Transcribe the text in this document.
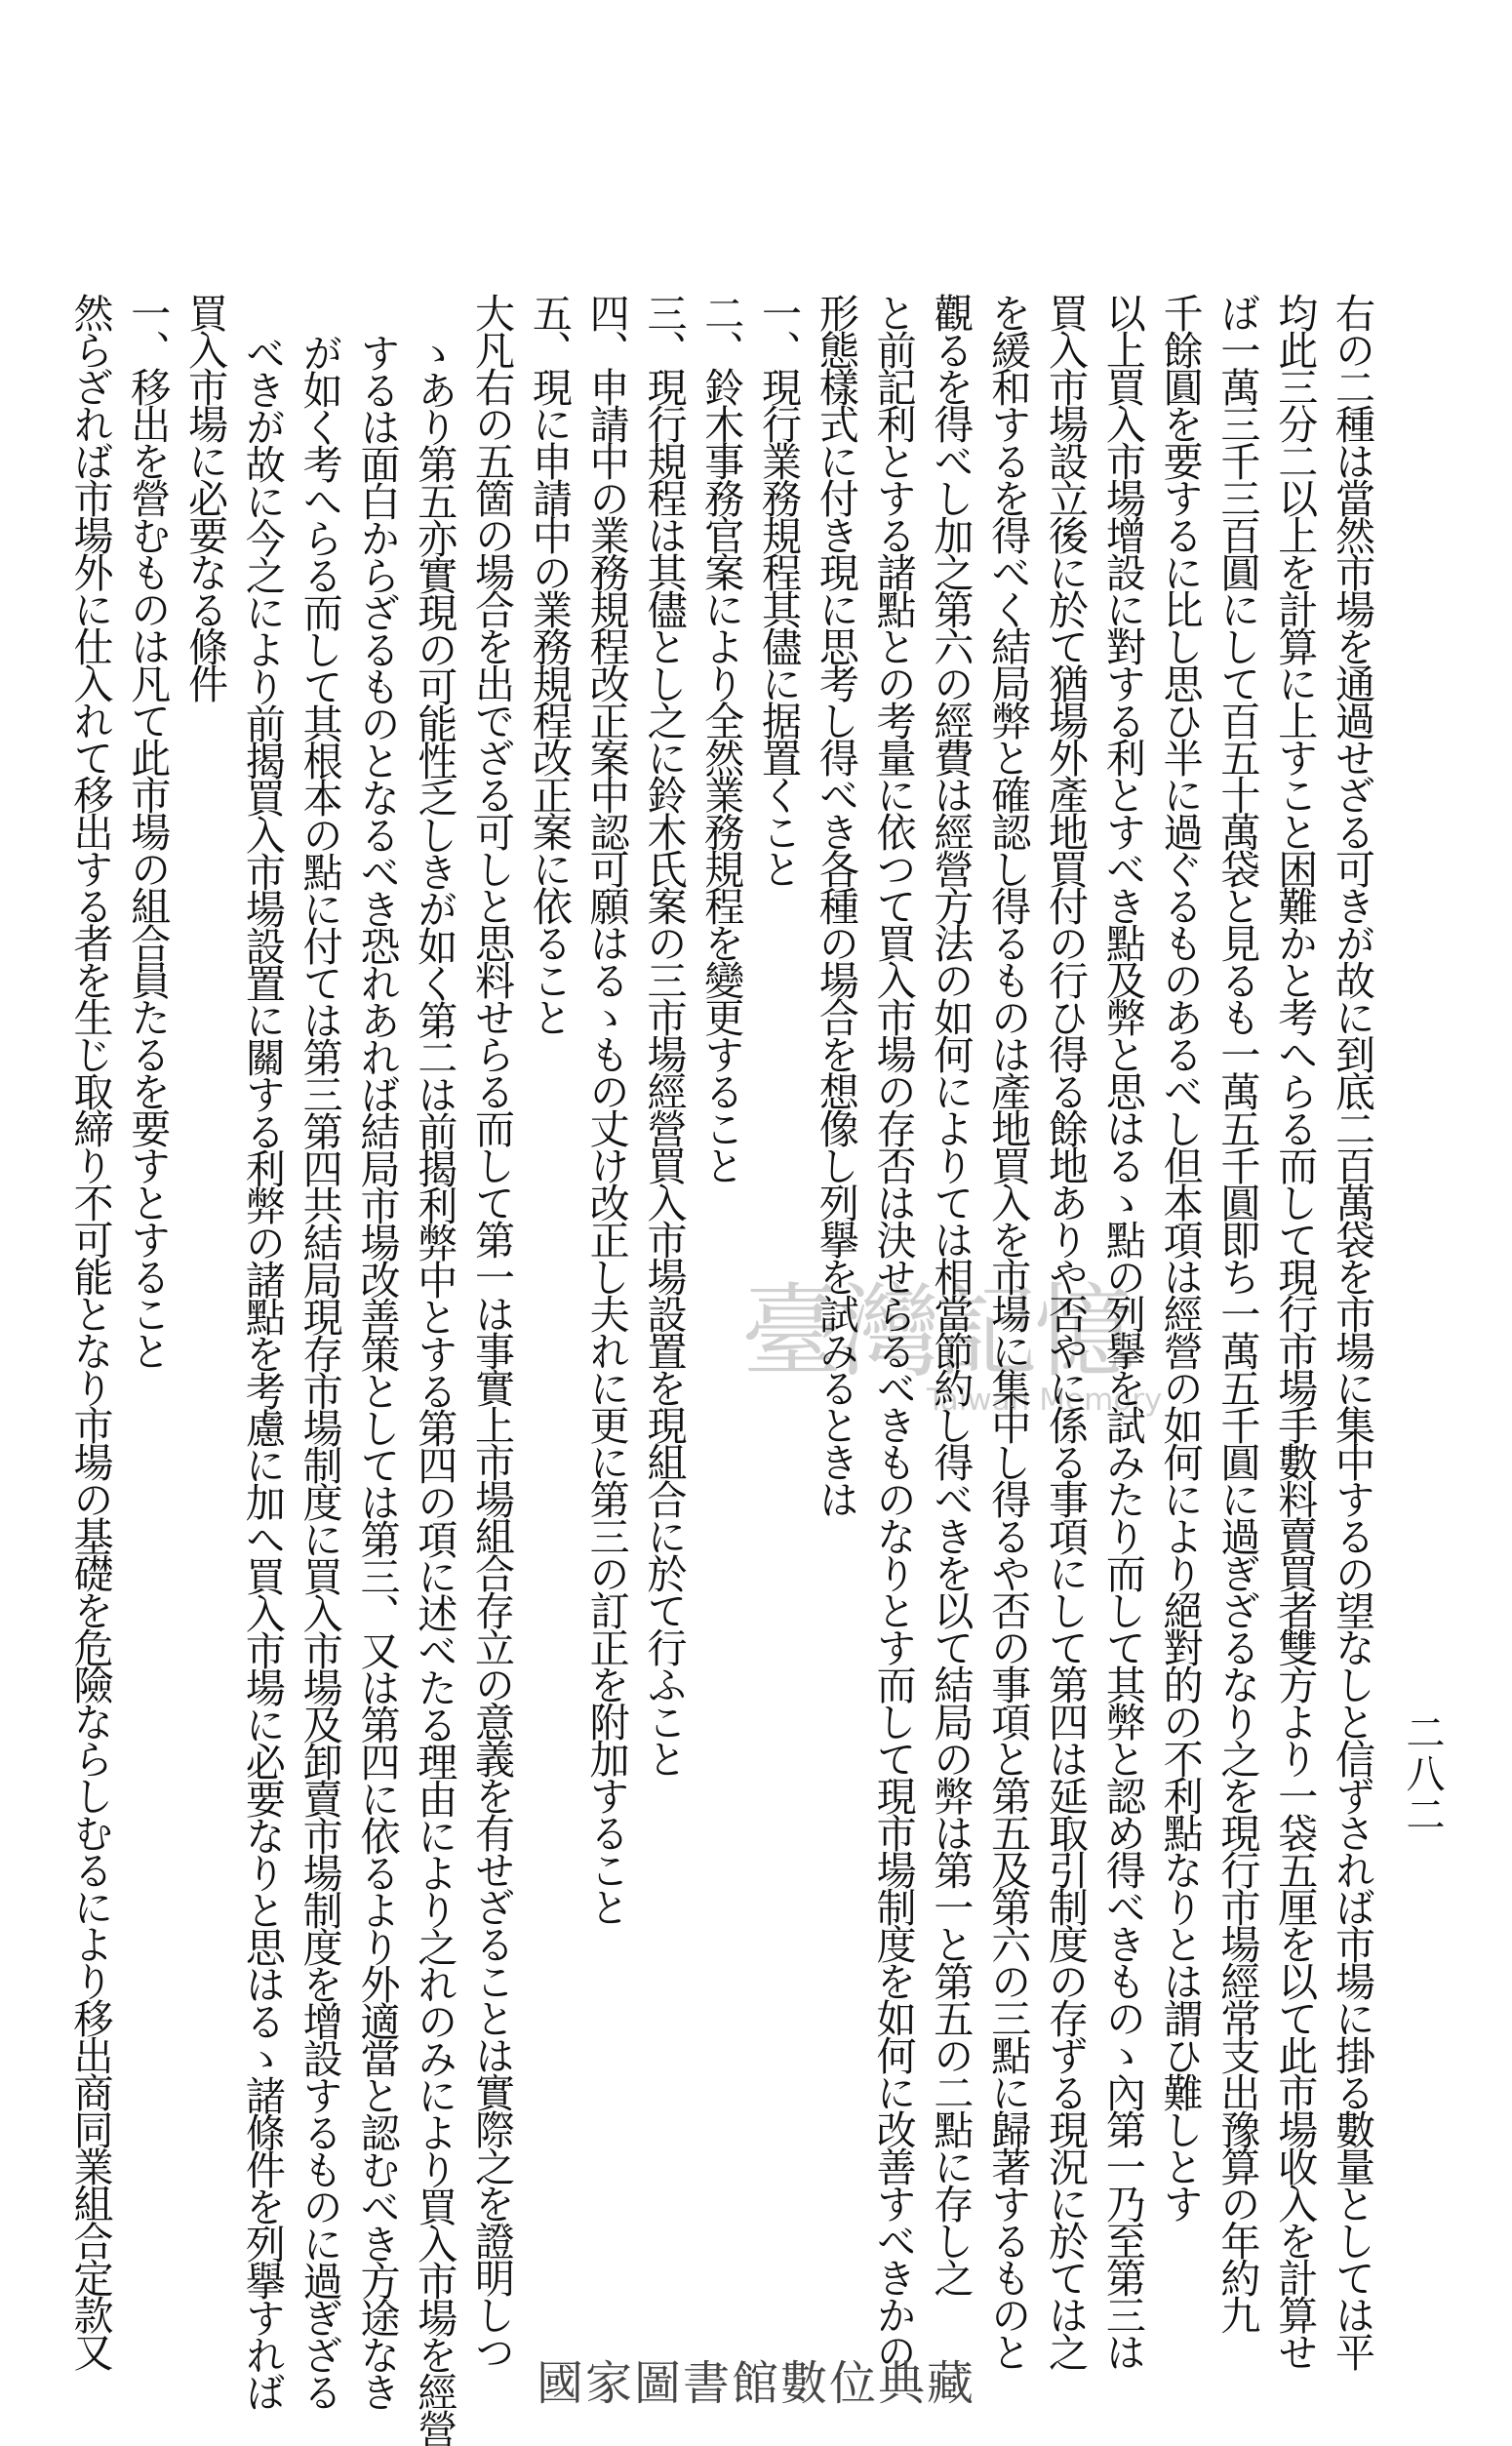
二八二
右の二種は當然市場を通過せざる可きが故に到底二百萬袋を市場に集中するの望なしと信ずされば市場に掛る數量としては平
均此三分二以上を計算に上すこと困難かと考へらる而して現行市場手數料賣買者雙方より一袋五厘を以て此市場收入を計算せ
ば一萬三千三百圓にして百五十萬袋と見るも一萬五千圓即ち一萬五千圓に過ぎざるなり之を現行市場經常支出豫算の年約九
千餘圓を要するに比し思ひ半に過ぐるものあるべし但本項は經營の如何により絕對的の不利點なりとは謂ひ難しとす
以上買入市場增設に對する利とすべき點及弊と思はるゝ點の列擧を試みたり而して其弊と認め得べきものゝ內第一乃至第三は
買入市場設立後に於て猶場外產地買付の行ひ得る餘地ありや否やに係る事項にして第四は延取引制度の存ずる現況に於ては之
を緩和するを得べく結局弊と確認し得るものは產地買入を市場に集中し得るや否の事項と第五及第六の三點に歸著するものと
觀るを得べし加之第六の經費は經營方法の如何によりては相當節約し得べきを以て結局の弊は第一と第五の二點に存し之
と前記利とする諸點との考量に依つて買入市場の存否は決せらるべきものなりとす而して現市場制度を如何に改善すべきかの
形態樣式に付き現に思考し得べき各種の場合を想像し列擧を試みるときは
一、現行業務規程其儘に据置くこと
二、鈴木事務官案により全然業務規程を變更すること
三、現行規程は其儘とし之に鈴木氏案の三市場經營買入市場設置を現組合に於て行ふこと
四、申請中の業務規程改正案中認可願はるゝもの丈け改正し夫れに更に第三の訂正を附加すること
五、現に申請中の業務規程改正案に依ること
大凡右の五箇の場合を出でざる可しと思料せらる而して第一は事實上市場組合存立の意義を有せざることは實際之を證明しつ
ゝあり第五亦實現の可能性乏しきが如く第二は前揭利弊中とする第四の項に述べたる理由により之れのみにより買入市場を經營
するは面白からざるものとなるべき恐れあれば結局市場改善策としては第三、又は第四に依るより外適當と認むべき方途なき
が如く考へらる而して其根本の點に付ては第三第四共結局現存市場制度に買入市場及卸賣市場制度を增設するものに過ぎざる
べきが故に今之により前揭買入市場設置に關する利弊の諸點を考慮に加へ買入市場に必要なりと思はるゝ諸條件を列擧すれば
買入市場に必要なる條件
一、移出を營むものは凡て此市場の組合員たるを要すとすること
然らざれば市場外に仕入れて移出する者を生じ取締り不可能となり市場の基礎を危險ならしむるにより移出商同業組合定款又	臺灣記憶
Taiwan Memory
國家圖書館數位典藏
